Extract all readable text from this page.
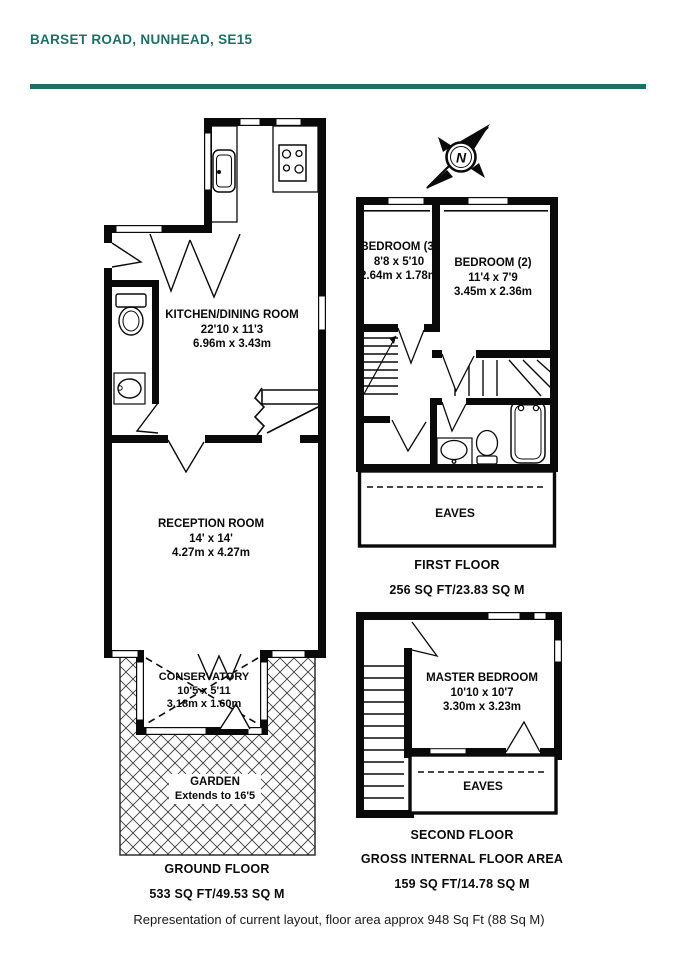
BARSET ROAD, NUNHEAD, SE15
N
KITCHEN/DINING ROOM
22'10 x 11'3
6.96m x 3.43m
RECEPTION ROOM
14' x 14'
4.27m x 4.27m
CONSERVATORY
10'5 x 5'11
3.18m x 1.60m
GARDEN
Extends to 16'5
BEDROOM (3)
8'8 x 5'10
2.64m x 1.78m
BEDROOM (2)
11'4 x 7'9
3.45m x 2.36m
EAVES
MASTER BEDROOM
10'10 x 10'7
3.30m x 3.23m
EAVES
GROUND FLOOR
533 SQ FT/49.53 SQ M
FIRST FLOOR
256 SQ FT/23.83 SQ M
SECOND FLOOR
GROSS INTERNAL FLOOR AREA
159 SQ FT/14.78 SQ M
Representation of current layout, floor area approx 948 Sq Ft (88 Sq M)
